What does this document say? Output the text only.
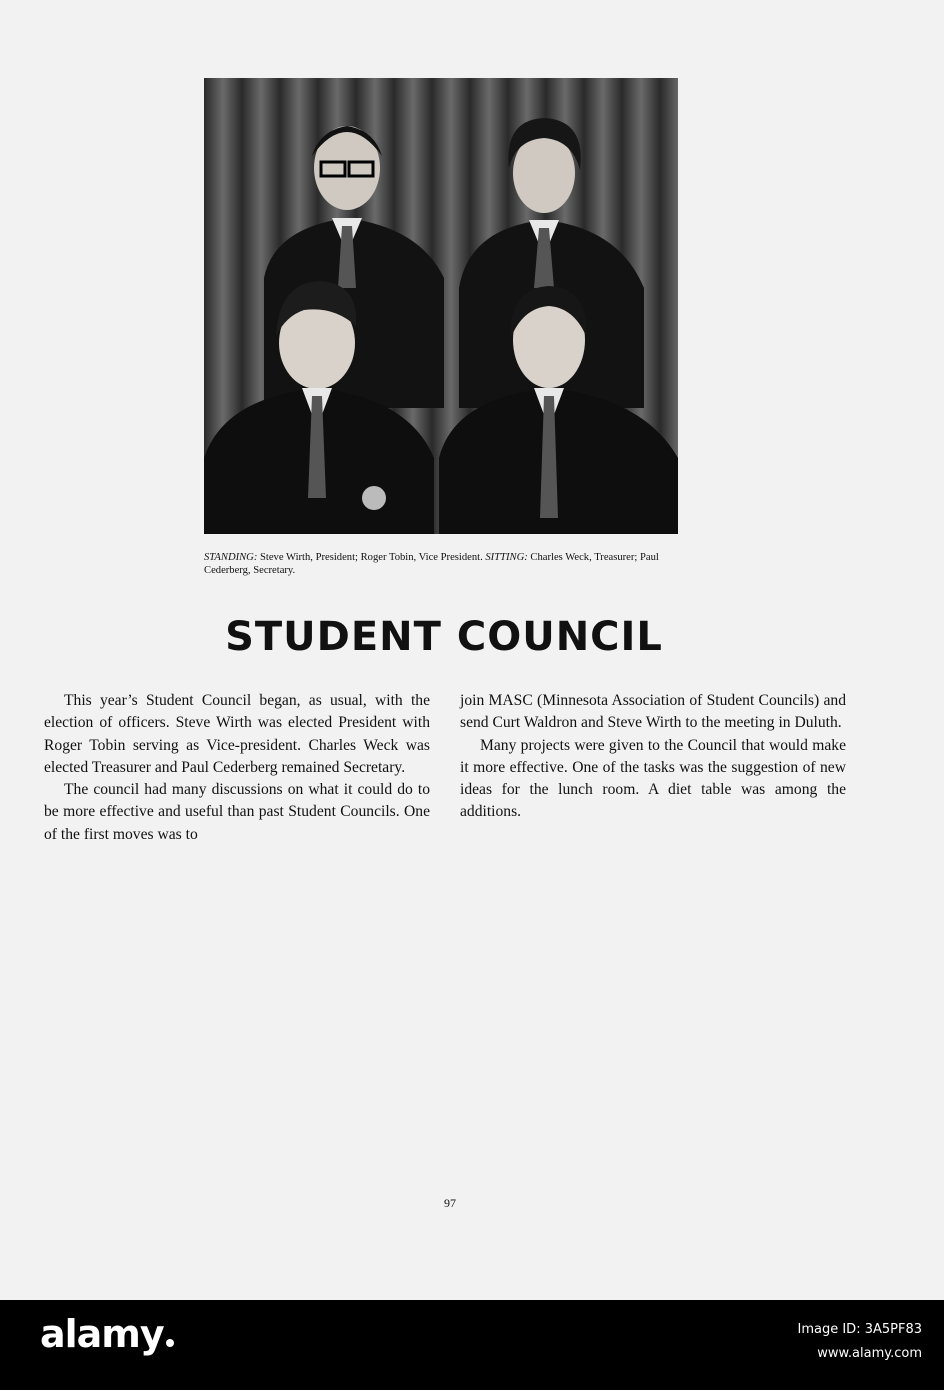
STANDING: Steve Wirth, President; Roger Tobin, Vice President. SITTING: Charles Weck, Treasurer; Paul Cederberg, Secretary.
STUDENT COUNCIL

This year’s Student Council began, as usual, with the election of officers. Steve Wirth was elected President with Roger Tobin serving as Vice-president. Charles Weck was elected Treasurer and Paul Cederberg remained Secretary.

The council had many discussions on what it could do to be more effective and useful than past Student Councils. One of the first moves was to

join MASC (Minnesota Association of Student Councils) and send Curt Waldron and Steve Wirth to the meeting in Duluth.

Many projects were given to the Council that would make it more effective. One of the tasks was the suggestion of new ideas for the lunch room. A diet table was among the additions.

97
alamy	Image ID: 3A5PF83
www.alamy.com
